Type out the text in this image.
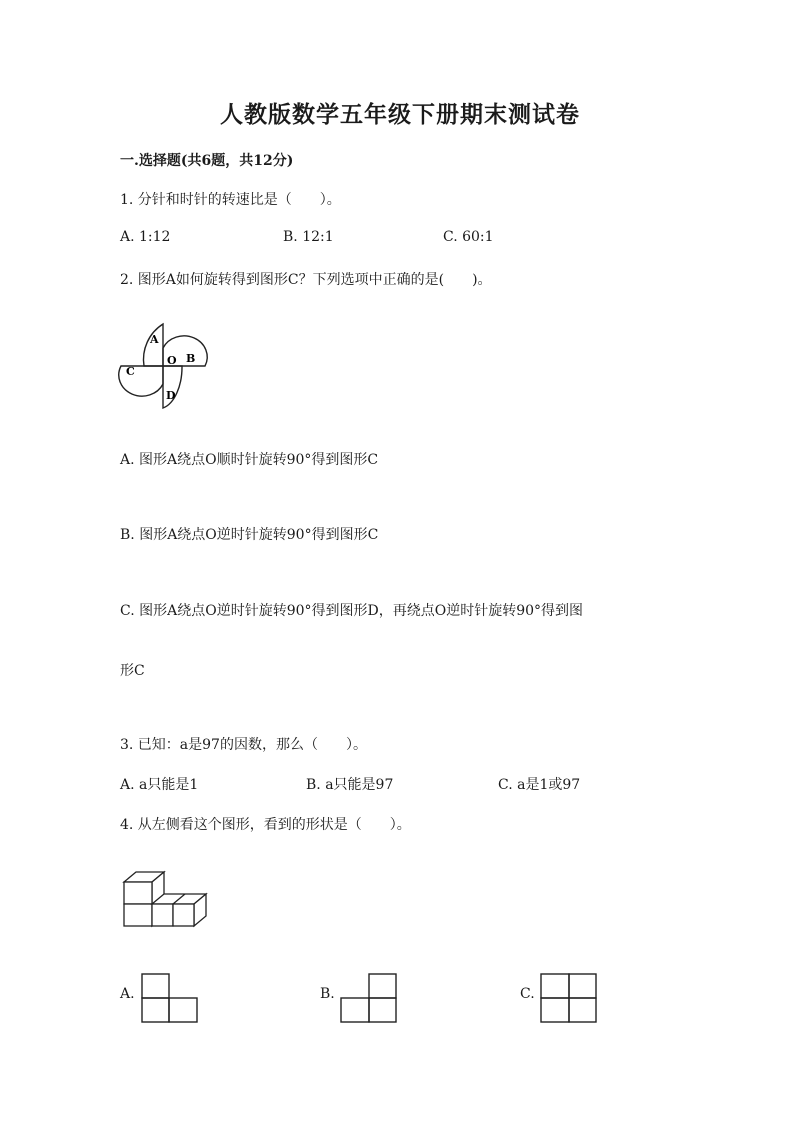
人教版数学五年级下册期末测试卷
一.选择题(共6题，共12分)
1. 分针和时针的转速比是（　　）。
A. 1:12	B. 12:1	C. 60:1
2. 图形A如何旋转得到图形C？下列选项中正确的是(　　)。
A
O B
C
D
A. 图形A绕点O顺时针旋转90°得到图形C
B. 图形A绕点O逆时针旋转90°得到图形C
C. 图形A绕点O逆时针旋转90°得到图形D，再绕点O逆时针旋转90°得到图
形C
3. 已知：a是97的因数，那么（　　）。
A. a只能是1	B. a只能是97	C. a是1或97
4. 从左侧看这个图形，看到的形状是（　　）。
A.	B.	C.
